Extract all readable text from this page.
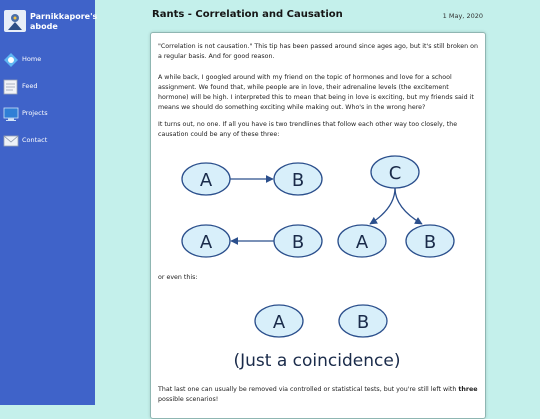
Parnikkapore's abode
Home
Feed
Projects
Contact
Rants - Correlation and Causation	1 May, 2020

"Correlation is not causation." This tip has been passed around since ages ago, but it's still broken on a regular basis. And for good reason.

A while back, I googled around with my friend on the topic of hormones and love for a school assignment. We found that, while people are in love, their adrenaline levels (the excitement hormone) will be high. I interpreted this to mean that being in love is exciting, but my friends said it means we should do something exciting while making out. Who's in the wrong here?

It turns out, no one. If all you have is two trendlines that follow each other way too closely, the causation could be any of these three:

A	B
A	B
C
A	B
A	B
(Just a coincidence)

or even this:

That last one can usually be removed via controlled or statistical tests, but you're still left with three possible scenarios!
